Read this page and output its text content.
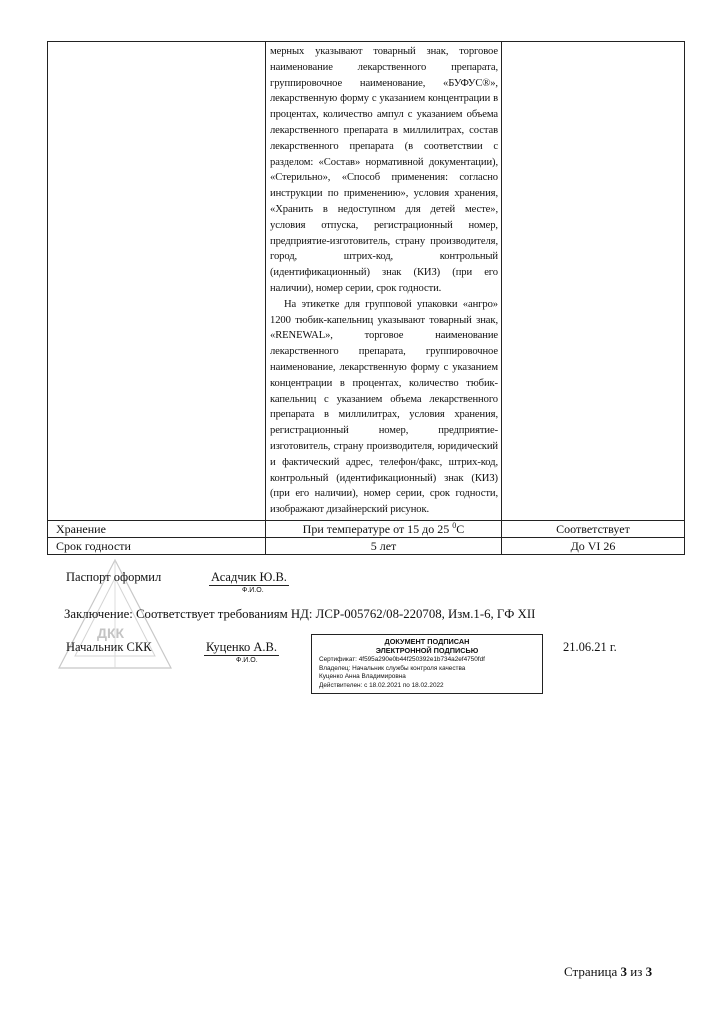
	мерных указывают товарный знак, торговое наименование лекарственного препарата, группировочное наименование, «БУФУС®», лекарственную форму с указанием концентрации в процентах, количество ампул с указанием объема лекарственного препарата в миллилитрах, состав лекарственного препарата (в соответствии с разделом: «Состав» нормативной документации), «Стерильно», «Способ применения: согласно инструкции по применению», условия хранения, «Хранить в недоступном для детей месте», условия отпуска, регистрационный номер, предприятие-изготовитель, страну производителя, город, штрих-код, контрольный (идентификационный) знак (КИЗ) (при его наличии), номер серии, срок годности.

На этикетке для групповой упаковки «ангро» 1200 тюбик-капельниц указывают товарный знак, «RENEWAL», торговое наименование лекарственного препарата, группировочное наименование, лекарственную форму с указанием концентрации в процентах, количество тюбик-капельниц с указанием объема лекарственного препарата в миллилитрах, условия хранения, регистрационный номер, предприятие-изготовитель, страну производителя, юридический и фактический адрес, телефон/факс, штрих-код, контрольный (идентификационный) знак (КИЗ) (при его наличии), номер серии, срок годности, изображают дизайнерский рисунок.	

Хранение	При температуре от 15 до 25 $^0$C	Соответствует
Срок годности	5 лет	До VI 26
ДКК
Паспорт оформил	Асадчик Ю.В.
Ф.И.О.
Заключение: Соответствует требованиям НД: ЛСР-005762/08-220708, Изм.1-6, ГФ XII
Начальник СКК	Куценко А.В.
Ф.И.О.
ДОКУМЕНТ ПОДПИСАН
ЭЛЕКТРОННОЙ ПОДПИСЬЮ
Сертификат: 4f595a290e0b44f250392e1b734a2ef4750fdf
Владелец: Начальник службы контроля качества
Куценко Анна Владимировна
Действителен: с 18.02.2021 по 18.02.2022
21.06.21 г.
Страница 3 из 3
